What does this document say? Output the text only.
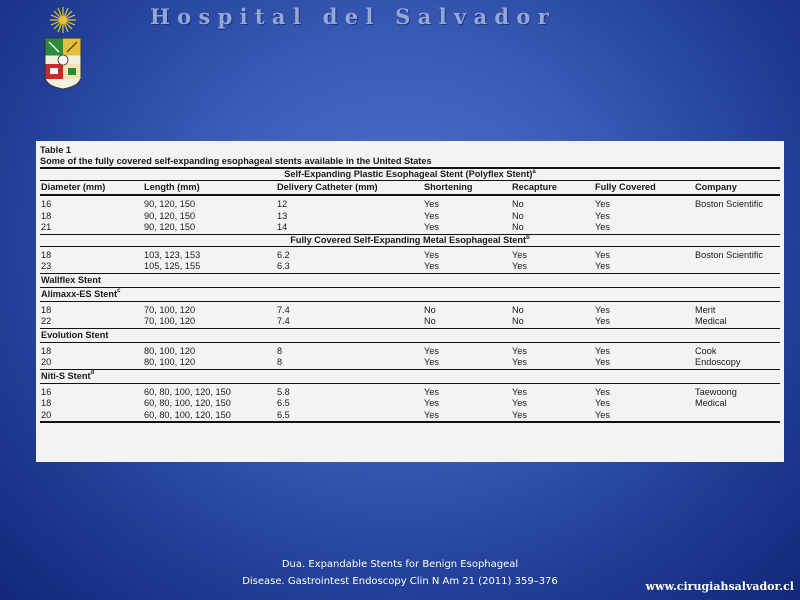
H o s p i t a l   d e l   S a l v a d o r
Table 1
Some of the fully covered self-expanding esophageal stents available in the United States
Self-Expanding Plastic Esophageal Stent (Polyflex Stent)$^a$
Diameter (mm)	Length (mm)	Delivery Catheter (mm)	Shortening	Recapture	Fully Covered	Company
16	90, 120, 150	12	Yes	No	Yes	Boston Scientific
18	90, 120, 150	13	Yes	No	Yes
21	90, 120, 150	14	Yes	No	Yes
Fully Covered Self-Expanding Metal Esophageal Stent$^b$
18	103, 123, 153	6.2	Yes	Yes	Yes	Boston Scientific
23	105, 125, 155	6.3	Yes	Yes	Yes
Wallflex Stent
Alimaxx-ES Stent$^c$
18	70, 100, 120	7.4	No	No	Yes	Merit
22	70, 100, 120	7.4	No	No	Yes	Medical
Evolution Stent
18	80, 100, 120	8	Yes	Yes	Yes	Cook
20	80, 100, 120	8	Yes	Yes	Yes	Endoscopy
Niti-S Stent$^d$
16	60, 80, 100, 120, 150	5.8	Yes	Yes	Yes	Taewoong
18	60, 80, 100, 120, 150	6.5	Yes	Yes	Yes	Medical
20	60, 80, 100, 120, 150	6.5	Yes	Yes	Yes
Dua. Expandable Stents for Benign Esophageal
Disease. Gastrointest Endoscopy Clin N Am 21 (2011) 359–376	www.cirugiahsalvador.cl
